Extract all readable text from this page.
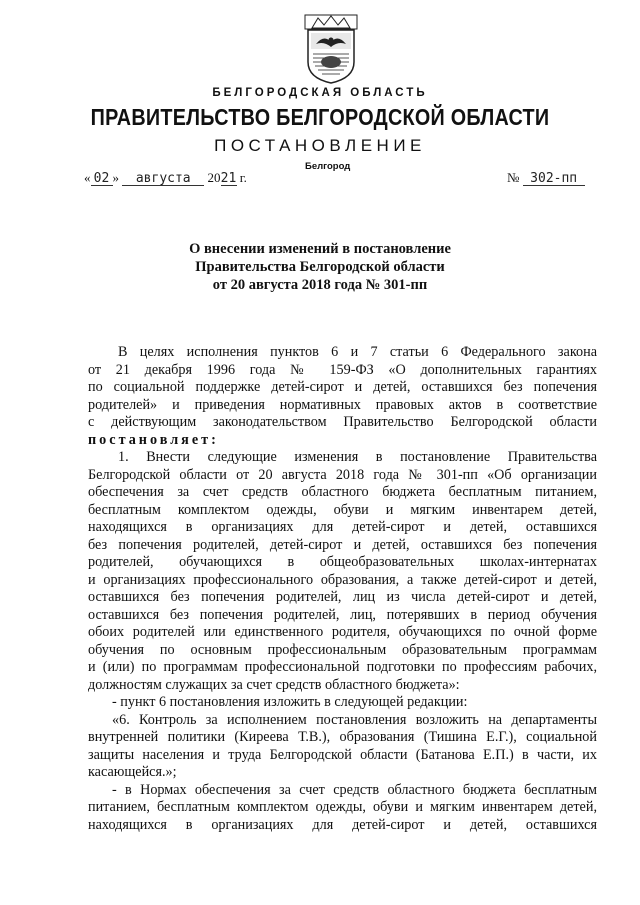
БЕЛГОРОДСКАЯ ОБЛАСТЬ
ПРАВИТЕЛЬСТВО БЕЛГОРОДСКОЙ ОБЛАСТИ
ПОСТАНОВЛЕНИЕ
Белгород
« 02 » августа 2021 г.	№ 302-пп
О внесении изменений в постановление
Правительства Белгородской области
от 20 августа 2018 года № 301-пп

В целях исполнения пунктов 6 и 7 статьи 6 Федерального закона

от 21 декабря 1996 года № 159-ФЗ «О дополнительных гарантиях

по социальной поддержке детей-сирот и детей, оставшихся без попечения

родителей» и приведения нормативных правовых актов в соответствие

с действующим законодательством Правительство Белгородской области

постановляет:

1. Внести следующие изменения в постановление Правительства

Белгородской области от 20 августа 2018 года № 301-пп «Об организации

обеспечения за счет средств областного бюджета бесплатным питанием,

бесплатным комплектом одежды, обуви и мягким инвентарем детей,

находящихся в организациях для детей-сирот и детей, оставшихся

без попечения родителей, детей-сирот и детей, оставшихся без попечения

родителей, обучающихся в общеобразовательных школах-интернатах

и организациях профессионального образования, а также детей-сирот и детей,

оставшихся без попечения родителей, лиц из числа детей-сирот и детей,

оставшихся без попечения родителей, лиц, потерявших в период обучения

обоих родителей или единственного родителя, обучающихся по очной форме

обучения по основным профессиональным образовательным программам

и (или) по программам профессиональной подготовки по профессиям рабочих,

должностям служащих за счет средств областного бюджета»:

- пункт 6 постановления изложить в следующей редакции:

«6. Контроль за исполнением постановления возложить на департаменты

внутренней политики (Киреева Т.В.), образования (Тишина Е.Г.), социальной

защиты населения и труда Белгородской области (Батанова Е.П.) в части, их

касающейся.»;

- в Нормах обеспечения за счет средств областного бюджета бесплатным

питанием, бесплатным комплектом одежды, обуви и мягким инвентарем детей,

находящихся в организациях для детей-сирот и детей, оставшихся
